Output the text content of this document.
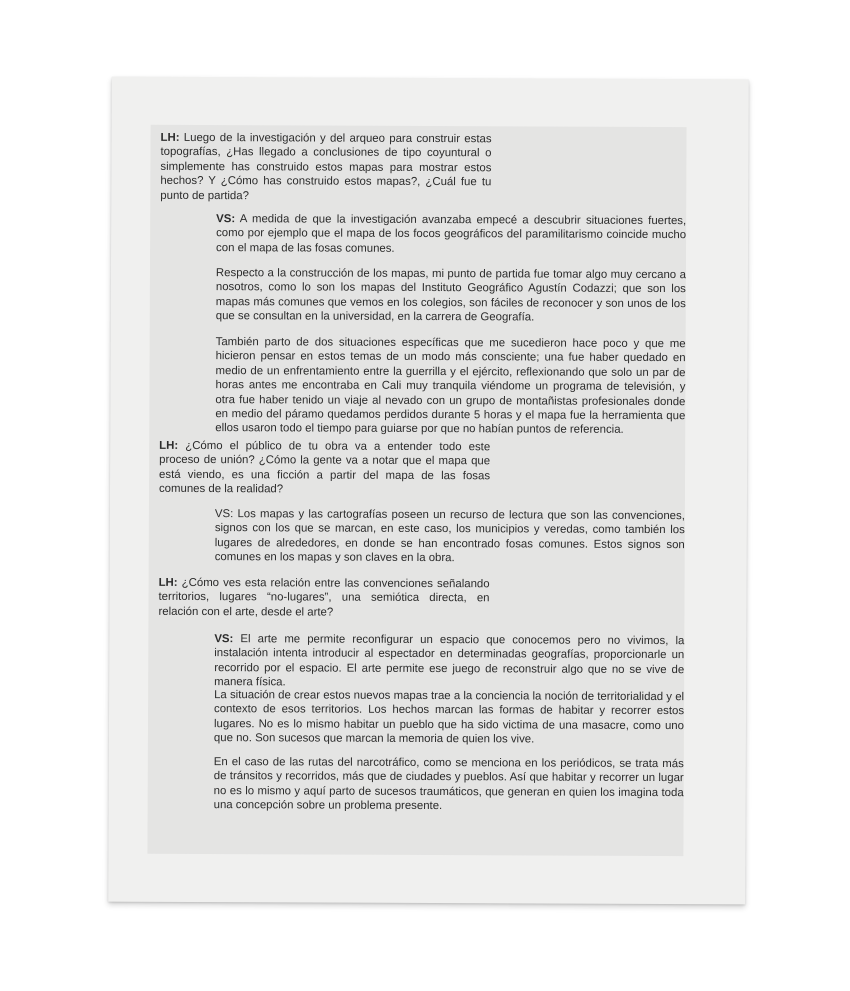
LH: Luego de la investigación y del arqueo para construir estas topografías, ¿Has llegado a conclusiones de tipo coyuntural o simplemente has construido estos mapas para mostrar estos hechos? Y ¿Cómo has construido estos mapas?, ¿Cuál fue tu punto de partida?

VS: A medida de que la investigación avanzaba empecé a descubrir situaciones fuertes, como por ejemplo que el mapa de los focos geográficos del paramilitarismo coincide mucho con el mapa de las fosas comunes.

Respecto a la construcción de los mapas, mi punto de partida fue tomar algo muy cercano a nosotros, como lo son los mapas del Instituto Geográfico Agustín Codazzi; que son los mapas más comunes que vemos en los colegios, son fáciles de reconocer y son unos de los que se consultan en la universidad, en la carrera de Geografía.

También parto de dos situaciones específicas que me sucedieron hace poco y que me hicieron pensar en estos temas de un modo más consciente; una fue haber quedado en medio de un enfrentamiento entre la guerrilla y el ejército, reflexionando que solo un par de horas antes me encontraba en Cali muy tranquila viéndome un programa de televisión, y otra fue haber tenido un viaje al nevado con un grupo de montañistas profesionales donde en medio del páramo quedamos perdidos durante 5 horas y el mapa fue la herramienta que ellos usaron todo el tiempo para guiarse por que no habían puntos de referencia.

LH: ¿Cómo el público de tu obra va a entender todo este proceso de unión? ¿Cómo la gente va a notar que el mapa que está viendo, es una ficción a partir del mapa de las fosas comunes de la realidad?

VS: Los mapas y las cartografías poseen un recurso de lectura que son las convenciones, signos con los que se marcan, en este caso, los municipios y veredas, como también los lugares de alrededores, en donde se han encontrado fosas comunes. Estos signos son comunes en los mapas y son claves en la obra.

LH: ¿Cómo ves esta relación entre las convenciones señalando territorios, lugares “no-lugares”, una semiótica directa, en relación con el arte, desde el arte?

VS: El arte me permite reconfigurar un espacio que conocemos pero no vivimos, la instalación intenta introducir al espectador en determinadas geografías, proporcionarle un recorrido por el espacio. El arte permite ese juego de reconstruir algo que no se vive de manera física.

La situación de crear estos nuevos mapas trae a la conciencia la noción de territorialidad y el contexto de esos territorios. Los hechos marcan las formas de habitar y recorrer estos lugares. No es lo mismo habitar un pueblo que ha sido victima de una masacre, como uno que no. Son sucesos que marcan la memoria de quien los vive.

En el caso de las rutas del narcotráfico, como se menciona en los periódicos, se trata más de tránsitos y recorridos, más que de ciudades y pueblos. Así que habitar y recorrer un lugar no es lo mismo y aquí parto de sucesos traumáticos, que generan en quien los imagina toda una concepción sobre un problema presente.
